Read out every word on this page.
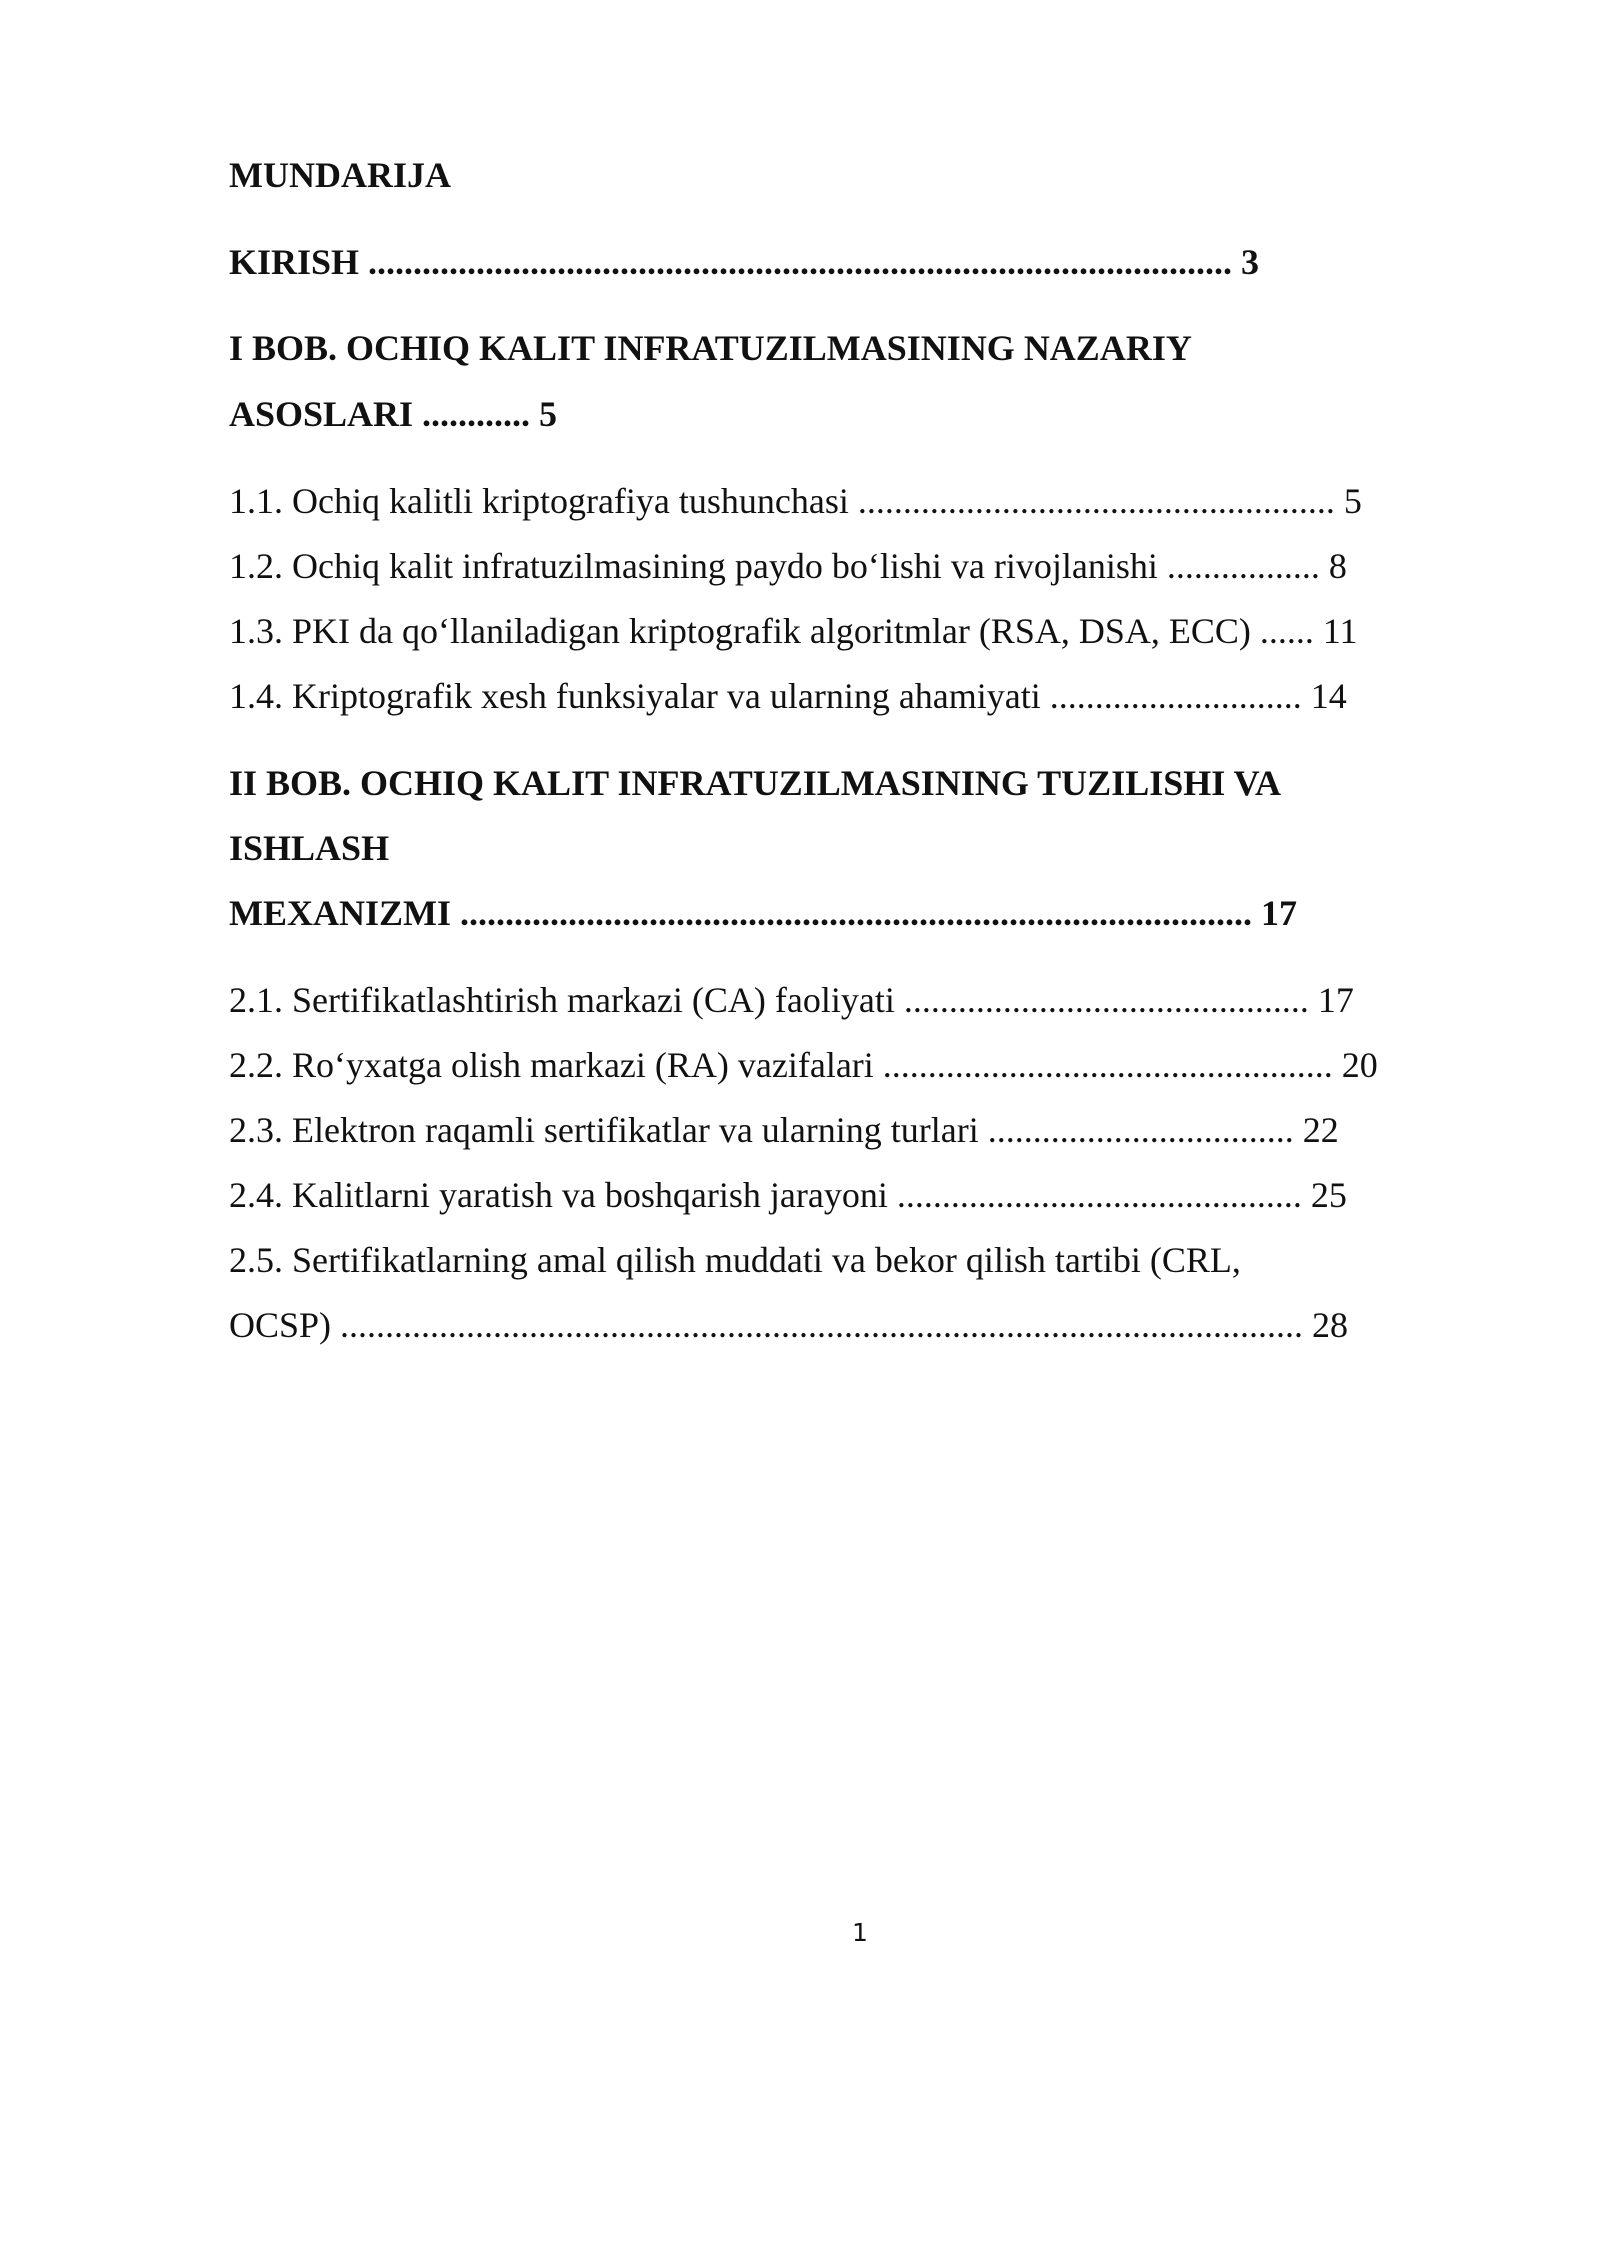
MUNDARIJA

KIRISH ................................................................................................ 3

I BOB. OCHIQ KALIT INFRATUZILMASINING NAZARIY

ASOSLARI ............ 5

1.1. Ochiq kalitli kriptografiya tushunchasi ..................................................... 5

1.2. Ochiq kalit infratuzilmasining paydo bo‘lishi va rivojlanishi ................. 8

1.3. PKI da qo‘llaniladigan kriptografik algoritmlar (RSA, DSA, ECC) ...... 11

1.4. Kriptografik xesh funksiyalar va ularning ahamiyati ............................ 14

II BOB. OCHIQ KALIT INFRATUZILMASINING TUZILISHI VA

ISHLASH

MEXANIZMI ........................................................................................ 17

2.1. Sertifikatlashtirish markazi (CA) faoliyati ............................................. 17

2.2. Ro‘yxatga olish markazi (RA) vazifalari .................................................. 20

2.3. Elektron raqamli sertifikatlar va ularning turlari .................................. 22

2.4. Kalitlarni yaratish va boshqarish jarayoni ............................................. 25

2.5. Sertifikatlarning amal qilish muddati va bekor qilish tartibi (CRL,

OCSP) ........................................................................................................... 28

1
